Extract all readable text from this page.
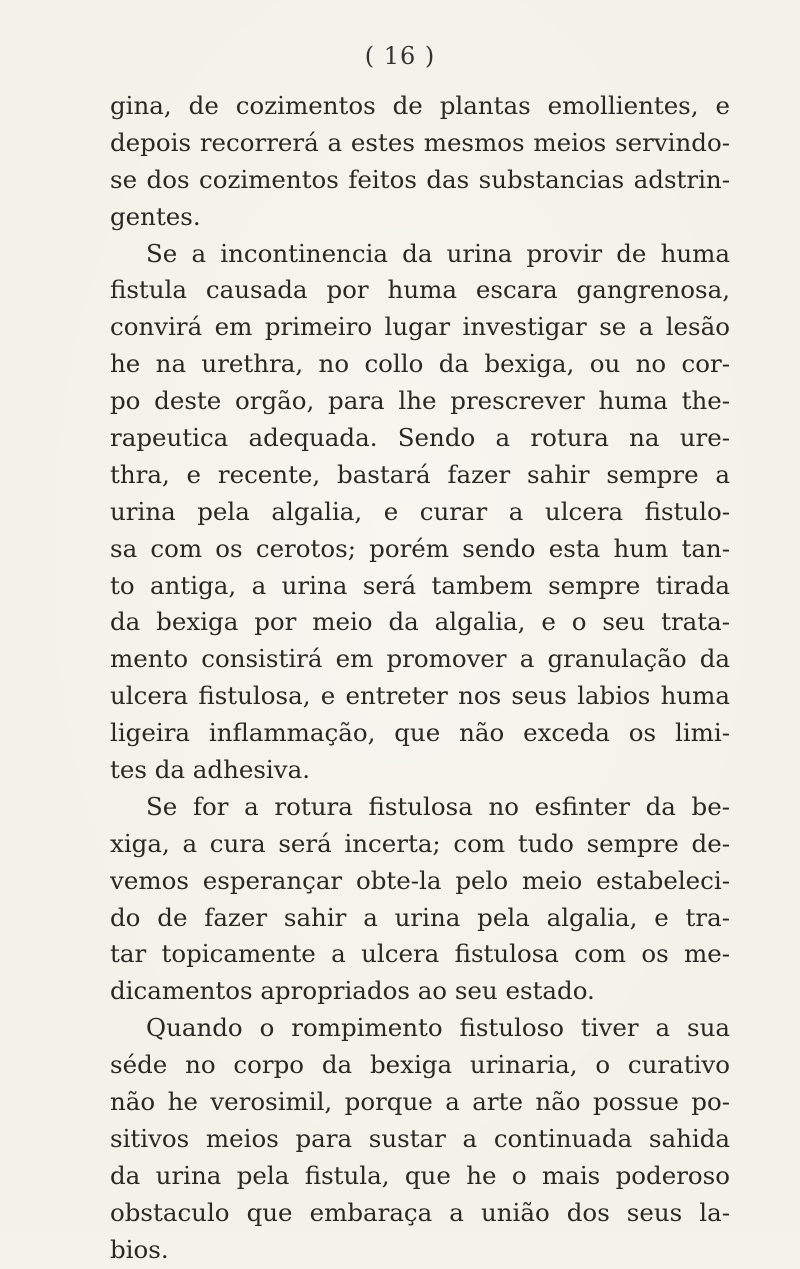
( 16 )
gina, de cozimentos de plantas emollientes, e
depois recorrerá a estes mesmos meios servindo-
se dos cozimentos feitos das substancias adstrin-
gentes.
Se a incontinencia da urina provir de huma
fistula causada por huma escara gangrenosa,
convirá em primeiro lugar investigar se a lesão
he na urethra, no collo da bexiga, ou no cor-
po deste orgão, para lhe prescrever huma the-
rapeutica adequada. Sendo a rotura na ure-
thra, e recente, bastará fazer sahir sempre a
urina pela algalia, e curar a ulcera fistulo-
sa com os cerotos; porém sendo esta hum tan-
to antiga, a urina será tambem sempre tirada
da bexiga por meio da algalia, e o seu trata-
mento consistirá em promover a granulação da
ulcera fistulosa, e entreter nos seus labios huma
ligeira inflammação, que não exceda os limi-
tes da adhesiva.
Se for a rotura fistulosa no esfinter da be-
xiga, a cura será incerta; com tudo sempre de-
vemos esperançar obte-la pelo meio estabeleci-
do de fazer sahir a urina pela algalia, e tra-
tar topicamente a ulcera fistulosa com os me-
dicamentos apropriados ao seu estado.
Quando o rompimento fistuloso tiver a sua
séde no corpo da bexiga urinaria, o curativo
não he verosimil, porque a arte não possue po-
sitivos meios para sustar a continuada sahida
da urina pela fistula, que he o mais poderoso
obstaculo que embaraça a união dos seus la-
bios.
